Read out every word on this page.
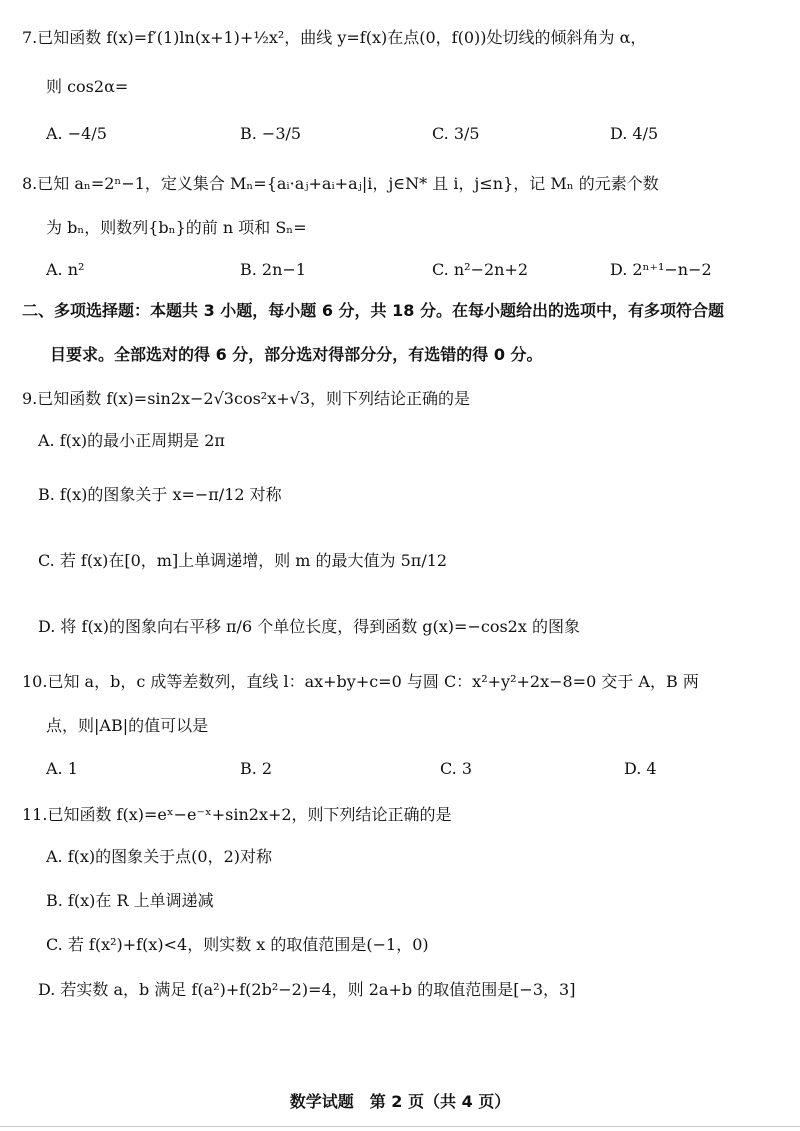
7.已知函数 f(x)=f′(1)ln(x+1)+½x²，曲线 y=f(x)在点(0，f(0))处切线的倾斜角为 α，
则 cos2α=
A. −4/5	B. −3/5	C. 3/5	D. 4/5
8.已知 aₙ=2ⁿ−1，定义集合 Mₙ={aᵢ·aⱼ+aᵢ+aⱼ|i，j∈N* 且 i，j≤n}，记 Mₙ 的元素个数
为 bₙ，则数列{bₙ}的前 n 项和 Sₙ=
A. n²	B. 2n−1	C. n²−2n+2	D. 2ⁿ⁺¹−n−2
二、多项选择题：本题共 3 小题，每小题 6 分，共 18 分。在每小题给出的选项中，有多项符合题
目要求。全部选对的得 6 分，部分选对得部分分，有选错的得 0 分。
9.已知函数 f(x)=sin2x−2√3cos²x+√3，则下列结论正确的是
A. f(x)的最小正周期是 2π
B. f(x)的图象关于 x=−π/12 对称
C. 若 f(x)在[0，m]上单调递增，则 m 的最大值为 5π/12
D. 将 f(x)的图象向右平移 π/6 个单位长度，得到函数 g(x)=−cos2x 的图象
10.已知 a，b，c 成等差数列，直线 l：ax+by+c=0 与圆 C：x²+y²+2x−8=0 交于 A，B 两
点，则|AB|的值可以是
A. 1	B. 2	C. 3	D. 4
11.已知函数 f(x)=eˣ−e⁻ˣ+sin2x+2，则下列结论正确的是
A. f(x)的图象关于点(0，2)对称
B. f(x)在 R 上单调递减
C. 若 f(x²)+f(x)<4，则实数 x 的取值范围是(−1，0)
D. 若实数 a，b 满足 f(a²)+f(2b²−2)=4，则 2a+b 的取值范围是[−3，3]
数学试题　第 2 页（共 4 页）
